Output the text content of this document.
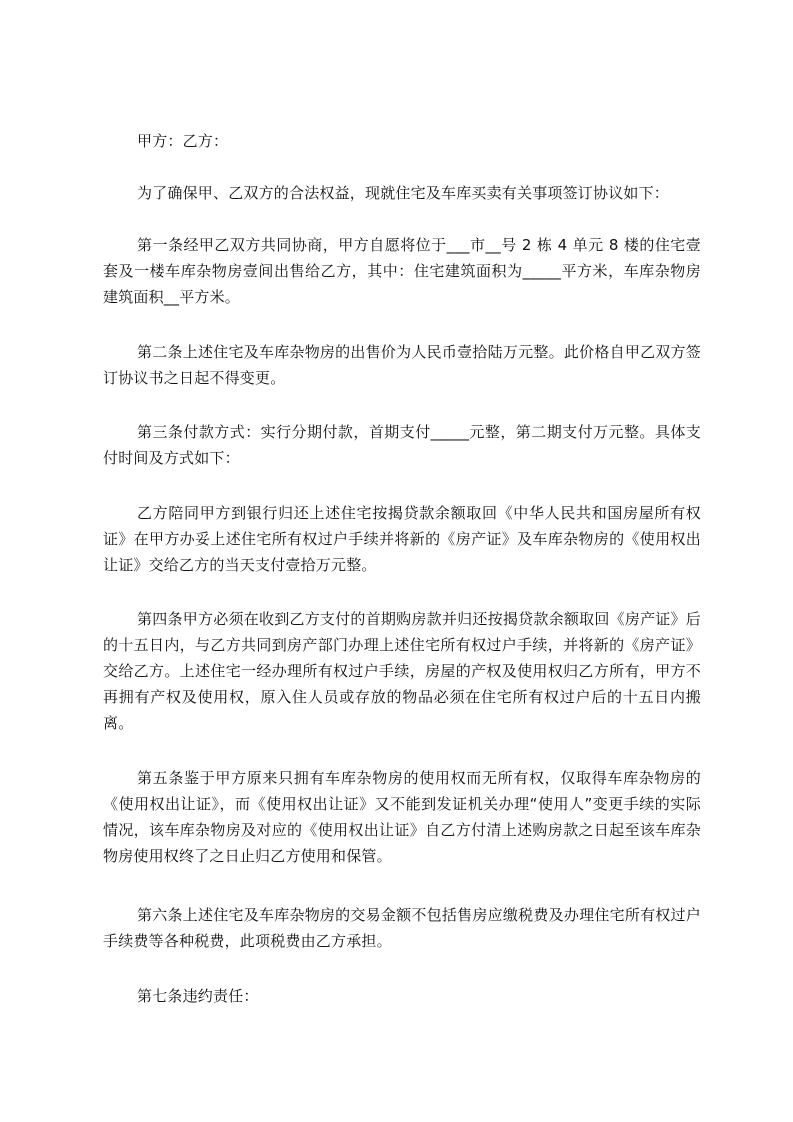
甲方：乙方：

为了确保甲、乙双方的合法权益，现就住宅及车库买卖有关事项签订协议如下：

第一条经甲乙双方共同协商，甲方自愿将位于___市__号 2 栋 4 单元 8 楼的住宅壹套及一楼车库杂物房壹间出售给乙方，其中：住宅建筑面积为_____平方米，车库杂物房建筑面积__平方米。

第二条上述住宅及车库杂物房的出售价为人民币壹拾陆万元整。此价格自甲乙双方签订协议书之日起不得变更。

第三条付款方式：实行分期付款，首期支付_____元整，第二期支付万元整。具体支付时间及方式如下：

乙方陪同甲方到银行归还上述住宅按揭贷款余额取回《中华人民共和国房屋所有权证》在甲方办妥上述住宅所有权过户手续并将新的《房产证》及车库杂物房的《使用权出让证》交给乙方的当天支付壹拾万元整。

第四条甲方必须在收到乙方支付的首期购房款并归还按揭贷款余额取回《房产证》后的十五日内，与乙方共同到房产部门办理上述住宅所有权过户手续，并将新的《房产证》交给乙方。上述住宅一经办理所有权过户手续，房屋的产权及使用权归乙方所有，甲方不再拥有产权及使用权，原入住人员或存放的物品必须在住宅所有权过户后的十五日内搬离。

第五条鉴于甲方原来只拥有车库杂物房的使用权而无所有权，仅取得车库杂物房的《使用权出让证》，而《使用权出让证》又不能到发证机关办理“使用人”变更手续的实际情况，该车库杂物房及对应的《使用权出让证》自乙方付清上述购房款之日起至该车库杂物房使用权终了之日止归乙方使用和保管。

第六条上述住宅及车库杂物房的交易金额不包括售房应缴税费及办理住宅所有权过户手续费等各种税费，此项税费由乙方承担。

第七条违约责任：
